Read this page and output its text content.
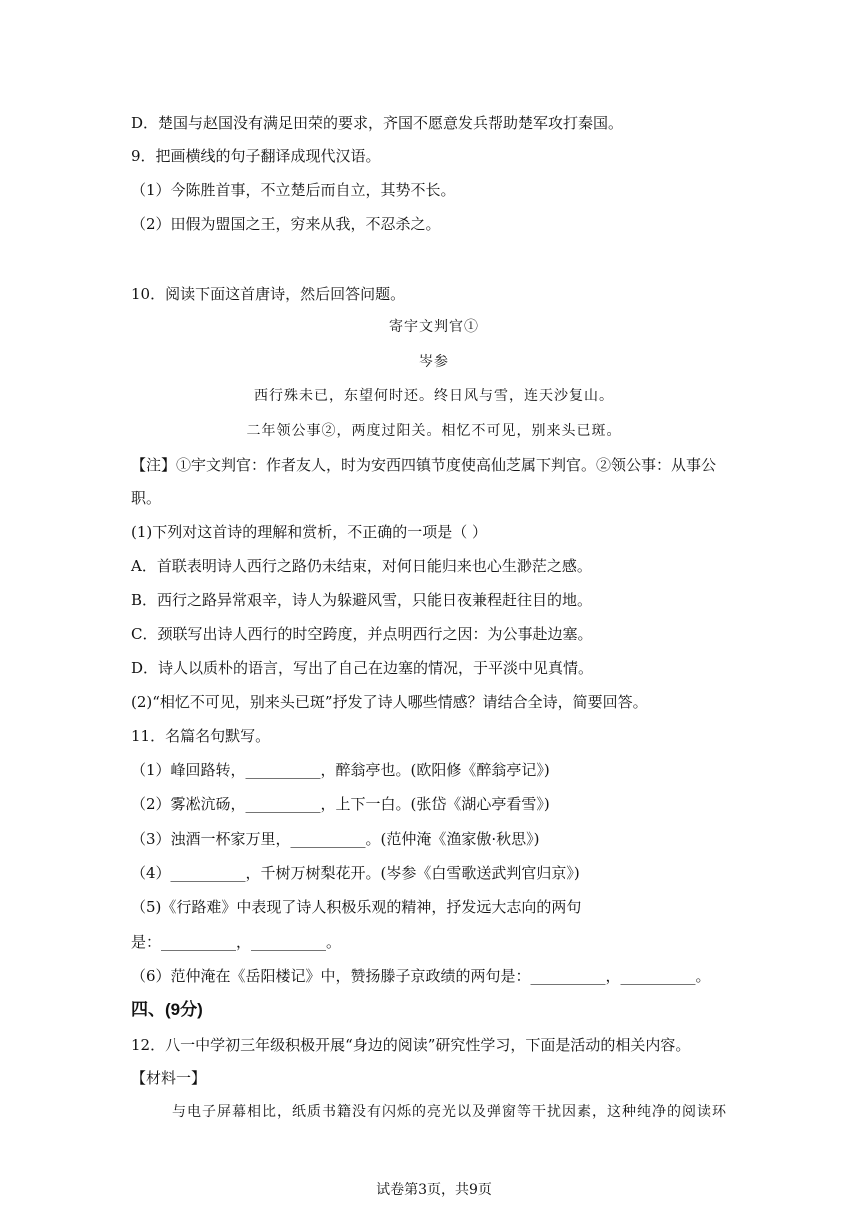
D．楚国与赵国没有满足田荣的要求，齐国不愿意发兵帮助楚军攻打秦国。
9．把画横线的句子翻译成现代汉语。
（1）今陈胜首事，不立楚后而自立，其势不长。
（2）田假为盟国之王，穷来从我，不忍杀之。
10．阅读下面这首唐诗，然后回答问题。
寄宇文判官①
岑参
西行殊未已，东望何时还。终日风与雪，连天沙复山。
二年领公事②，两度过阳关。相忆不可见，别来头已斑。
【注】①宇文判官：作者友人，时为安西四镇节度使高仙芝属下判官。②领公事：从事公
职。
(1)下列对这首诗的理解和赏析，不正确的一项是（ ）
A．首联表明诗人西行之路仍未结束，对何日能归来也心生渺茫之感。
B．西行之路异常艰辛，诗人为躲避风雪，只能日夜兼程赶往目的地。
C．颈联写出诗人西行的时空跨度，并点明西行之因：为公事赴边塞。
D．诗人以质朴的语言，写出了自己在边塞的情况，于平淡中见真情。
(2)“相忆不可见，别来头已斑”抒发了诗人哪些情感？请结合全诗，简要回答。
11．名篇名句默写。
（1）峰回路转，__________，醉翁亭也。(欧阳修《醉翁亭记》)
（2）雾凇沆砀，__________，上下一白。(张岱《湖心亭看雪》)
（3）浊酒一杯家万里，__________。(范仲淹《渔家傲·秋思》)
（4）__________，千树万树梨花开。(岑参《白雪歌送武判官归京》)
（5)《行路难》中表现了诗人积极乐观的精神，抒发远大志向的两句
是：__________，__________。
（6）范仲淹在《岳阳楼记》中，赞扬滕子京政绩的两句是：__________，__________。
四、(9分)
12．八一中学初三年级积极开展“身边的阅读”研究性学习，下面是活动的相关内容。
【材料一】
与电子屏幕相比，纸质书籍没有闪烁的亮光以及弹窗等干扰因素，这种纯净的阅读环
试卷第3页，共9页
